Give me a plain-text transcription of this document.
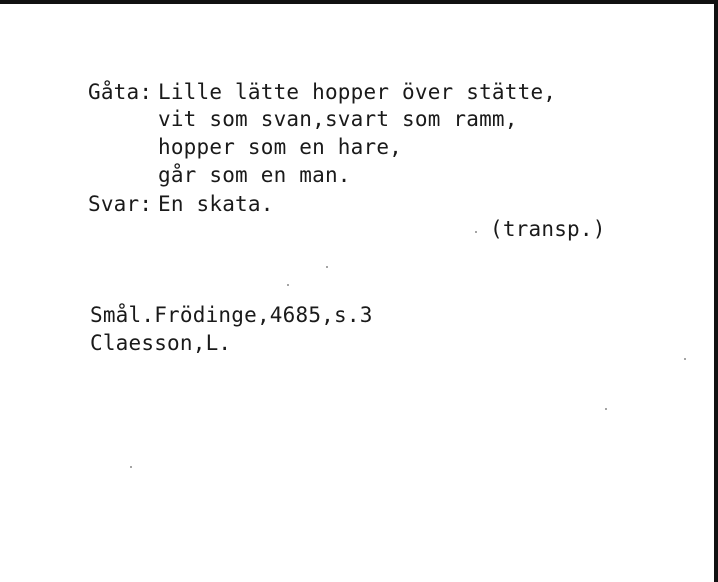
Gåta: Lille lätte hopper över stätte,
vit som svan,svart som ramm,
hopper som en hare,
går som en man.
Svar: En skata.
(transp.)
Smål.Frödinge,4685,s.3
Claesson,L.
